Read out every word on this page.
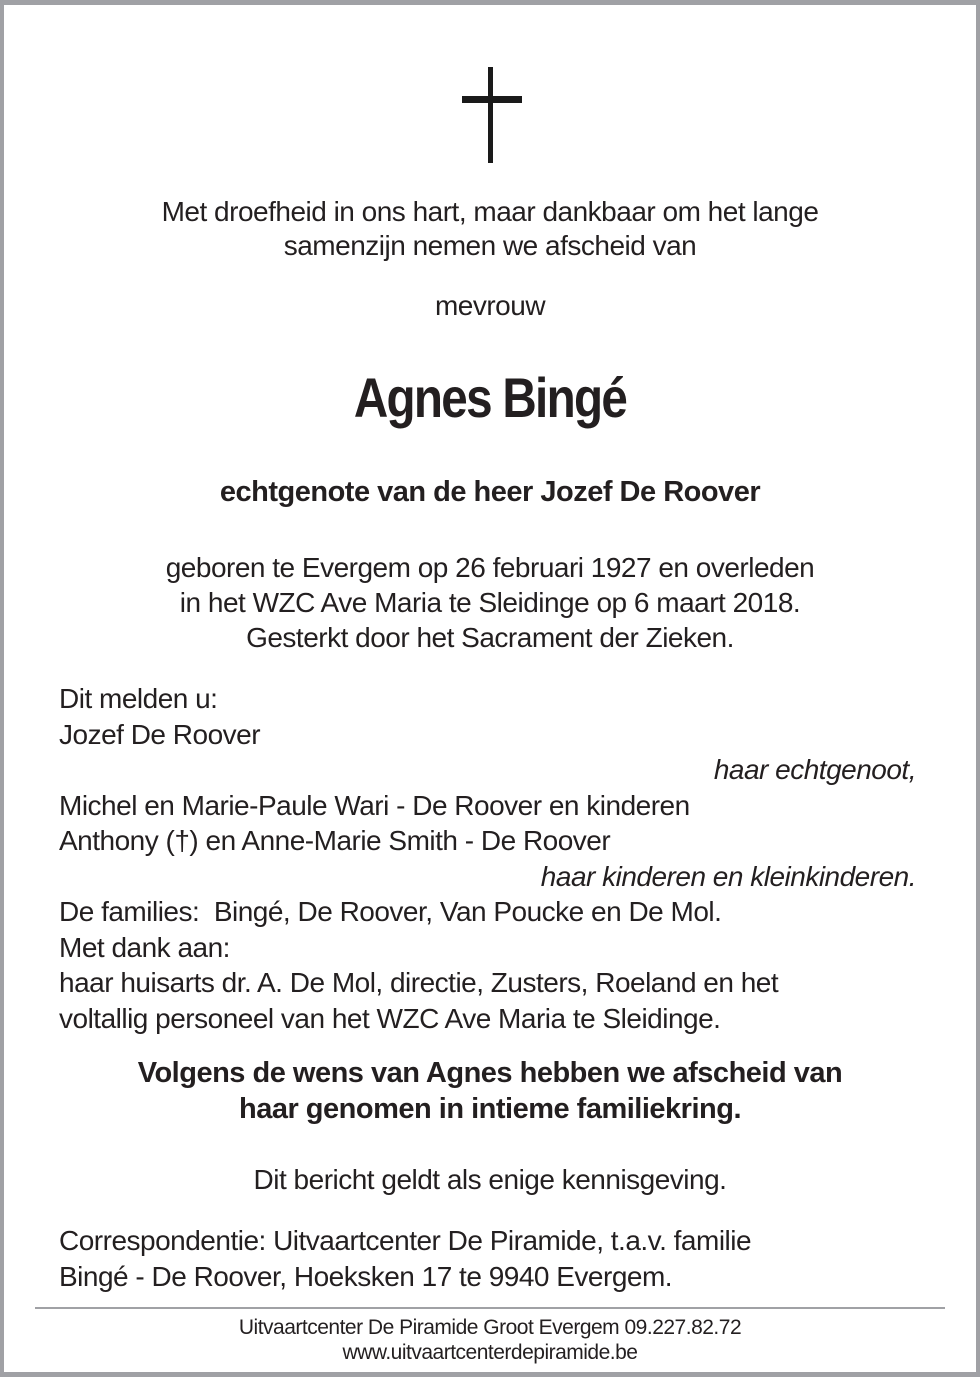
Met droefheid in ons hart, maar dankbaar om het lange
samenzijn nemen we afscheid van
mevrouw
Agnes Bingé
echtgenote van de heer Jozef De Roover
geboren te Evergem op 26 februari 1927 en overleden
in het WZC Ave Maria te Sleidinge op 6 maart 2018.
Gesterkt door het Sacrament der Zieken.
Dit melden u:
Jozef De Roover
haar echtgenoot,
Michel en Marie-Paule Wari - De Roover en kinderen
Anthony (†) en Anne-Marie Smith - De Roover
haar kinderen en kleinkinderen.
De families:  Bingé, De Roover, Van Poucke en De Mol.
Met dank aan:
haar huisarts dr. A. De Mol, directie, Zusters, Roeland en het
voltallig personeel van het WZC Ave Maria te Sleidinge.
Volgens de wens van Agnes hebben we afscheid van
haar genomen in intieme familiekring.
Dit bericht geldt als enige kennisgeving.
Correspondentie: Uitvaartcenter De Piramide, t.a.v. familie
Bingé - De Roover, Hoeksken 17 te 9940 Evergem.
Uitvaartcenter De Piramide Groot Evergem 09.227.82.72
www.uitvaartcenterdepiramide.be
